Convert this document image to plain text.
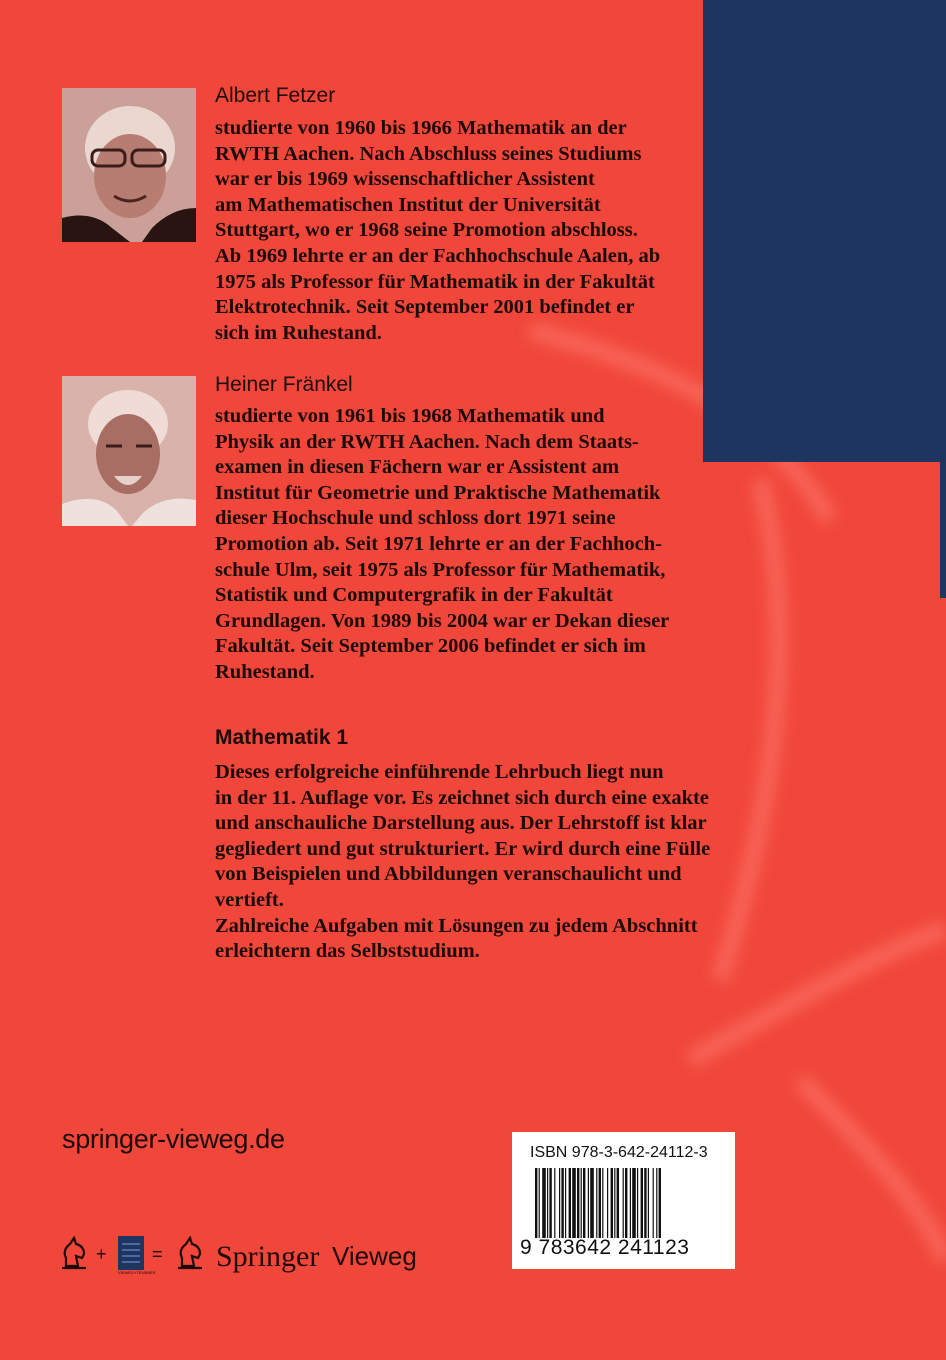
Albert Fetzer
studierte von 1960 bis 1966 Mathematik an der
RWTH Aachen. Nach Abschluss seines Studiums
war er bis 1969 wissenschaftlicher Assistent
am Mathematischen Institut der Universität
Stuttgart, wo er 1968 seine Promotion abschloss.
Ab 1969 lehrte er an der Fachhochschule Aalen, ab
1975 als Professor für Mathematik in der Fakultät
Elektrotechnik. Seit September 2001 befindet er
sich im Ruhestand.
Heiner Fränkel
studierte von 1961 bis 1968 Mathematik und
Physik an der RWTH Aachen. Nach dem Staats-
examen in diesen Fächern war er Assistent am
Institut für Geometrie und Praktische Mathematik
dieser Hochschule und schloss dort 1971 seine
Promotion ab. Seit 1971 lehrte er an der Fachhoch-
schule Ulm, seit 1975 als Professor für Mathematik,
Statistik und Computergrafik in der Fakultät
Grundlagen. Von 1989 bis 2004 war er Dekan dieser
Fakultät. Seit September 2006 befindet er sich im
Ruhestand.
Mathematik 1
Dieses erfolgreiche einführende Lehrbuch liegt nun
in der 11. Auflage vor. Es zeichnet sich durch eine exakte
und anschauliche Darstellung aus. Der Lehrstoff ist klar
gegliedert und gut strukturiert. Er wird durch eine Fülle
von Beispielen und Abbildungen veranschaulicht und
vertieft.
Zahlreiche Aufgaben mit Lösungen zu jedem Abschnitt
erleichtern das Selbststudium.
springer-vieweg.de	ISBN 978-3-642-24112-3
9 783642 241123
+
VIEWEG+TEUBNER
= Springer Vieweg
